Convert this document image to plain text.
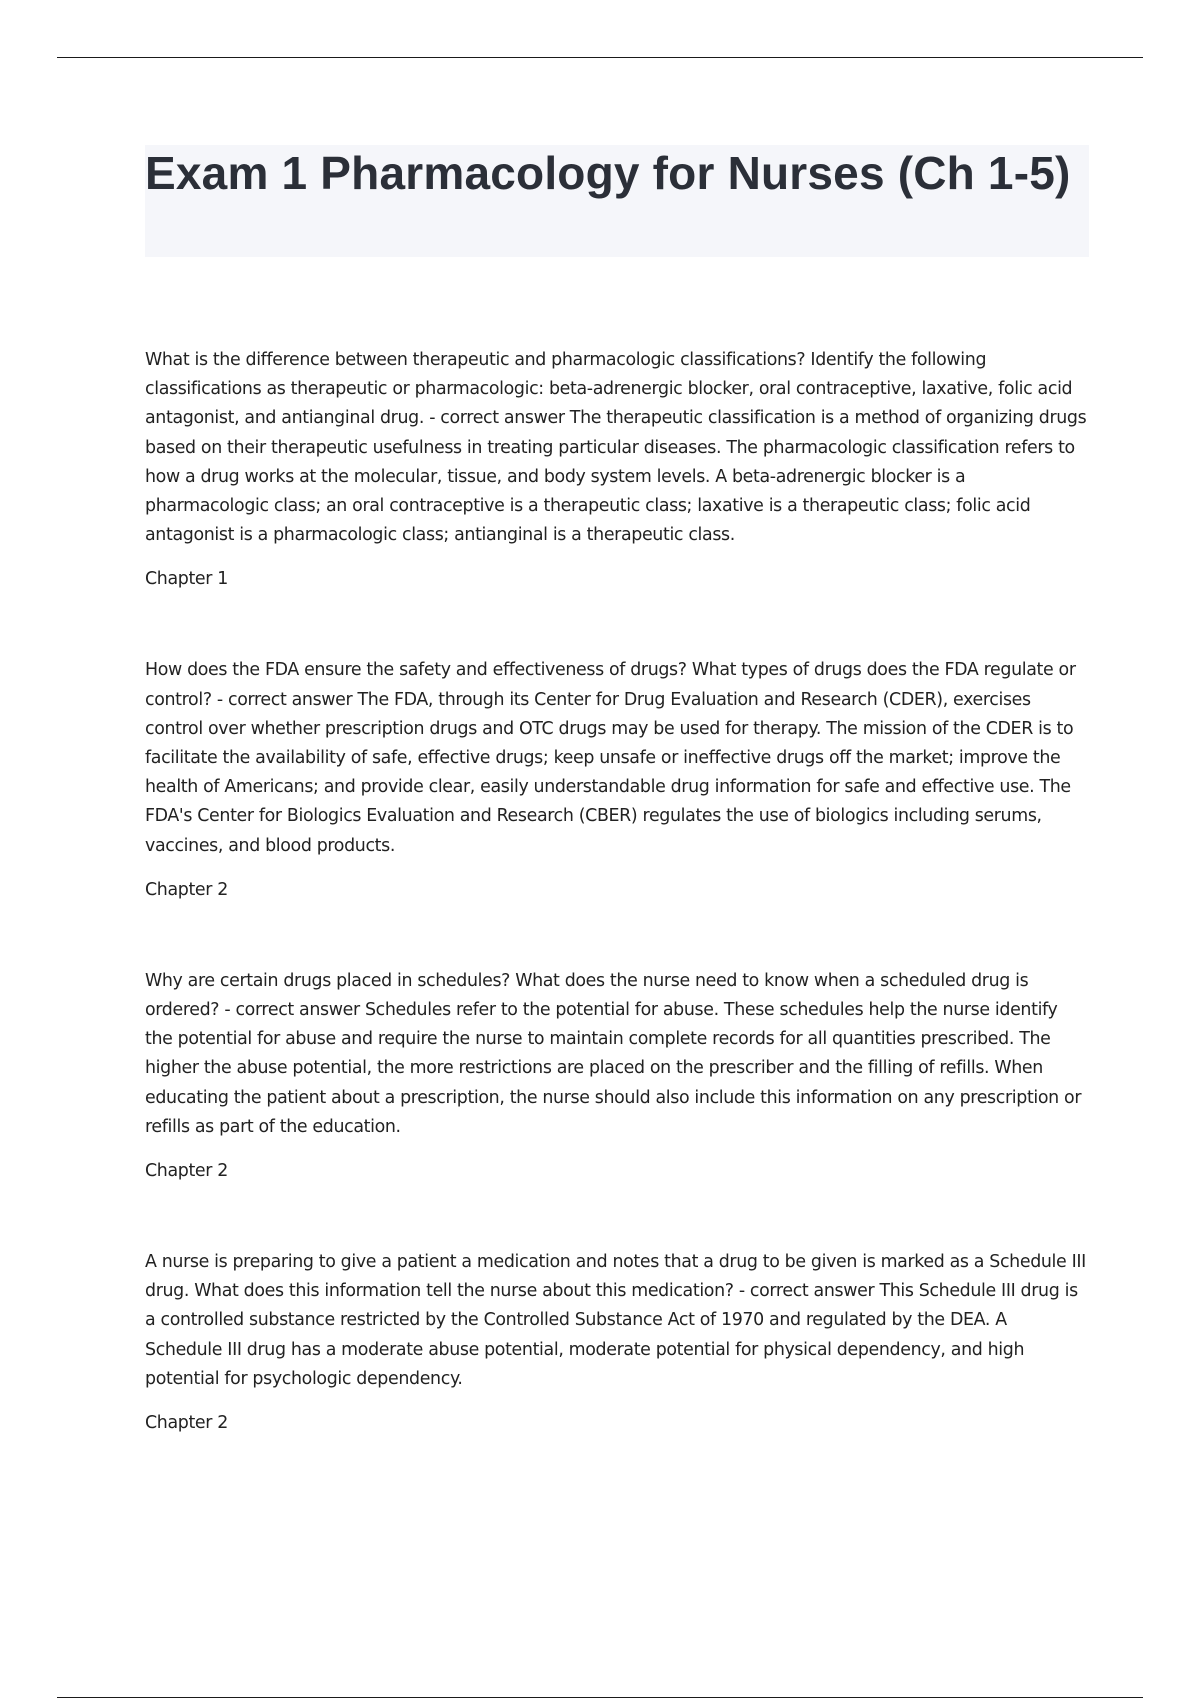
Exam 1 Pharmacology for Nurses (Ch 1-5)

What is the difference between therapeutic and pharmacologic classifications? Identify the following classifications as therapeutic or pharmacologic: beta-adrenergic blocker, oral contraceptive, laxative, folic acid antagonist, and antianginal drug. - correct answer The therapeutic classification is a method of organizing drugs based on their therapeutic usefulness in treating particular diseases. The pharmacologic classification refers to how a drug works at the molecular, tissue, and body system levels. A beta-adrenergic blocker is a pharmacologic class; an oral contraceptive is a therapeutic class; laxative is a therapeutic class; folic acid antagonist is a pharmacologic class; antianginal is a therapeutic class.

Chapter 1

How does the FDA ensure the safety and effectiveness of drugs? What types of drugs does the FDA regulate or control? - correct answer The FDA, through its Center for Drug Evaluation and Research (CDER), exercises control over whether prescription drugs and OTC drugs may be used for therapy. The mission of the CDER is to facilitate the availability of safe, effective drugs; keep unsafe or ineffective drugs off the market; improve the health of Americans; and provide clear, easily understandable drug information for safe and effective use. The FDA's Center for Biologics Evaluation and Research (CBER) regulates the use of biologics including serums, vaccines, and blood products.

Chapter 2

Why are certain drugs placed in schedules? What does the nurse need to know when a scheduled drug is ordered? - correct answer Schedules refer to the potential for abuse. These schedules help the nurse identify the potential for abuse and require the nurse to maintain complete records for all quantities prescribed. The higher the abuse potential, the more restrictions are placed on the prescriber and the filling of refills. When educating the patient about a prescription, the nurse should also include this information on any prescription or refills as part of the education.

Chapter 2

A nurse is preparing to give a patient a medication and notes that a drug to be given is marked as a Schedule III drug. What does this information tell the nurse about this medication? - correct answer This Schedule III drug is a controlled substance restricted by the Controlled Substance Act of 1970 and regulated by the DEA. A Schedule III drug has a moderate abuse potential, moderate potential for physical dependency, and high potential for psychologic dependency.

Chapter 2
